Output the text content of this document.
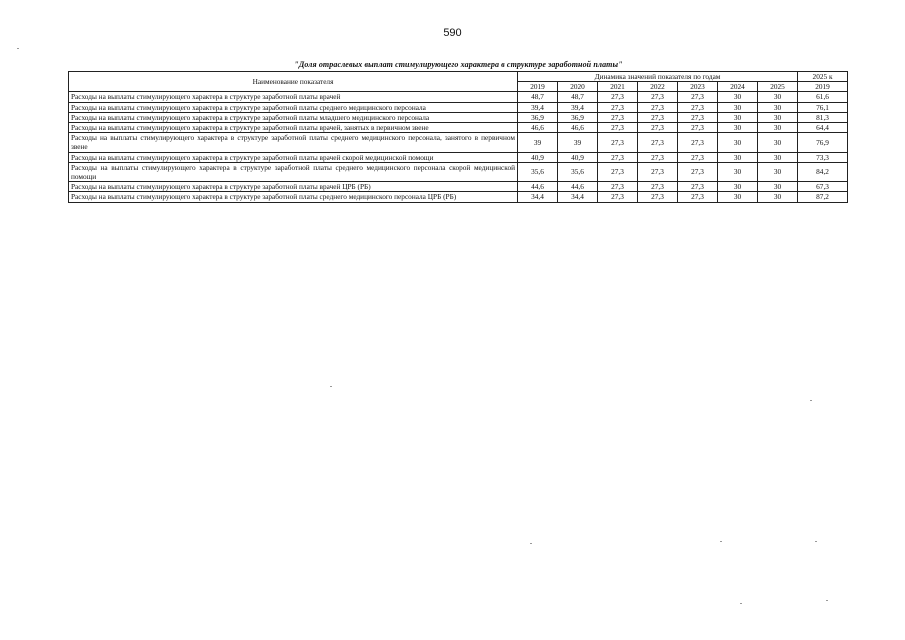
590
"Доля отраслевых выплат стимулирующего характера в структуре заработной платы"
Наименование показателя	Динамика значений показателя по годам							2025 к
	2019	2020	2021	2022	2023	2024	2025	2019
Расходы на выплаты стимулирующего характера в структуре заработной платы врачей	48,7	48,7	27,3	27,3	27,3	30	30	61,6
Расходы на выплаты стимулирующего характера в структуре заработной платы среднего медицинского персонала	39,4	39,4	27,3	27,3	27,3	30	30	76,1
Расходы на выплаты стимулирующего характера в структуре заработной платы младшего медицинского персонала	36,9	36,9	27,3	27,3	27,3	30	30	81,3
Расходы на выплаты стимулирующего характера в структуре заработной платы врачей, занятых в первичном звене	46,6	46,6	27,3	27,3	27,3	30	30	64,4
Расходы на выплаты стимулирующего характера в структуре заработной платы среднего медицинского персонала, занятого в первичном звене	39	39	27,3	27,3	27,3	30	30	76,9
Расходы на выплаты стимулирующего характера в структуре заработной платы врачей скорой медицинской помощи	40,9	40,9	27,3	27,3	27,3	30	30	73,3
Расходы на выплаты стимулирующего характера в структуре заработной платы среднего медицинского персонала скорой медицинской помощи	35,6	35,6	27,3	27,3	27,3	30	30	84,2
Расходы на выплаты стимулирующего характера в структуре заработной платы врачей ЦРБ (РБ)	44,6	44,6	27,3	27,3	27,3	30	30	67,3
Расходы на выплаты стимулирующего характера в структуре заработной платы среднего медицинского персонала ЦРБ (РБ)	34,4	34,4	27,3	27,3	27,3	30	30	87,2
